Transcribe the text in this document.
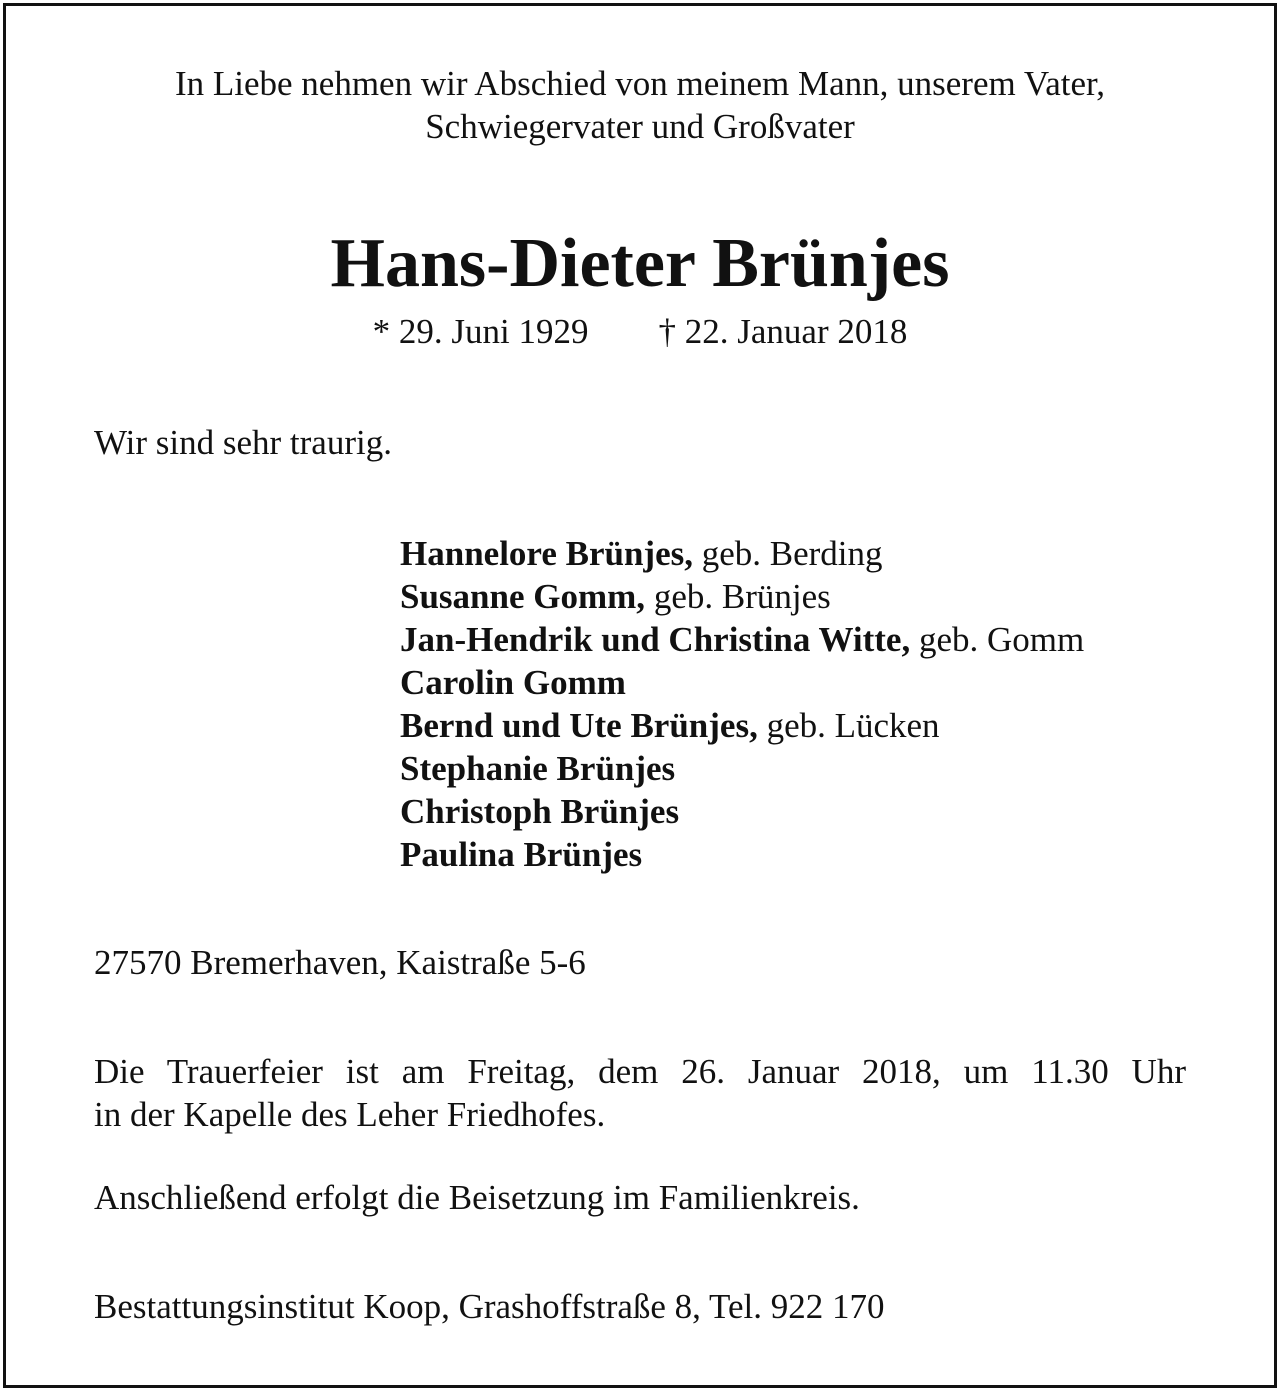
In Liebe nehmen wir Abschied von meinem Mann, unserem Vater,
Schwiegervater und Großvater
Hans-Dieter Brünjes
* 29. Juni 1929 † 22. Januar 2018
Wir sind sehr traurig.
Hannelore Brünjes, geb. Berding
Susanne Gomm, geb. Brünjes
Jan-Hendrik und Christina Witte, geb. Gomm
Carolin Gomm
Bernd und Ute Brünjes, geb. Lücken
Stephanie Brünjes
Christoph Brünjes
Paulina Brünjes
27570 Bremerhaven, Kaistraße 5-6
Die Trauerfeier ist am Freitag, dem 26. Januar 2018, um 11.30 Uhr
in der Kapelle des Leher Friedhofes.
Anschließend erfolgt die Beisetzung im Familienkreis.
Bestattungsinstitut Koop, Grashoffstraße 8, Tel. 922 170
